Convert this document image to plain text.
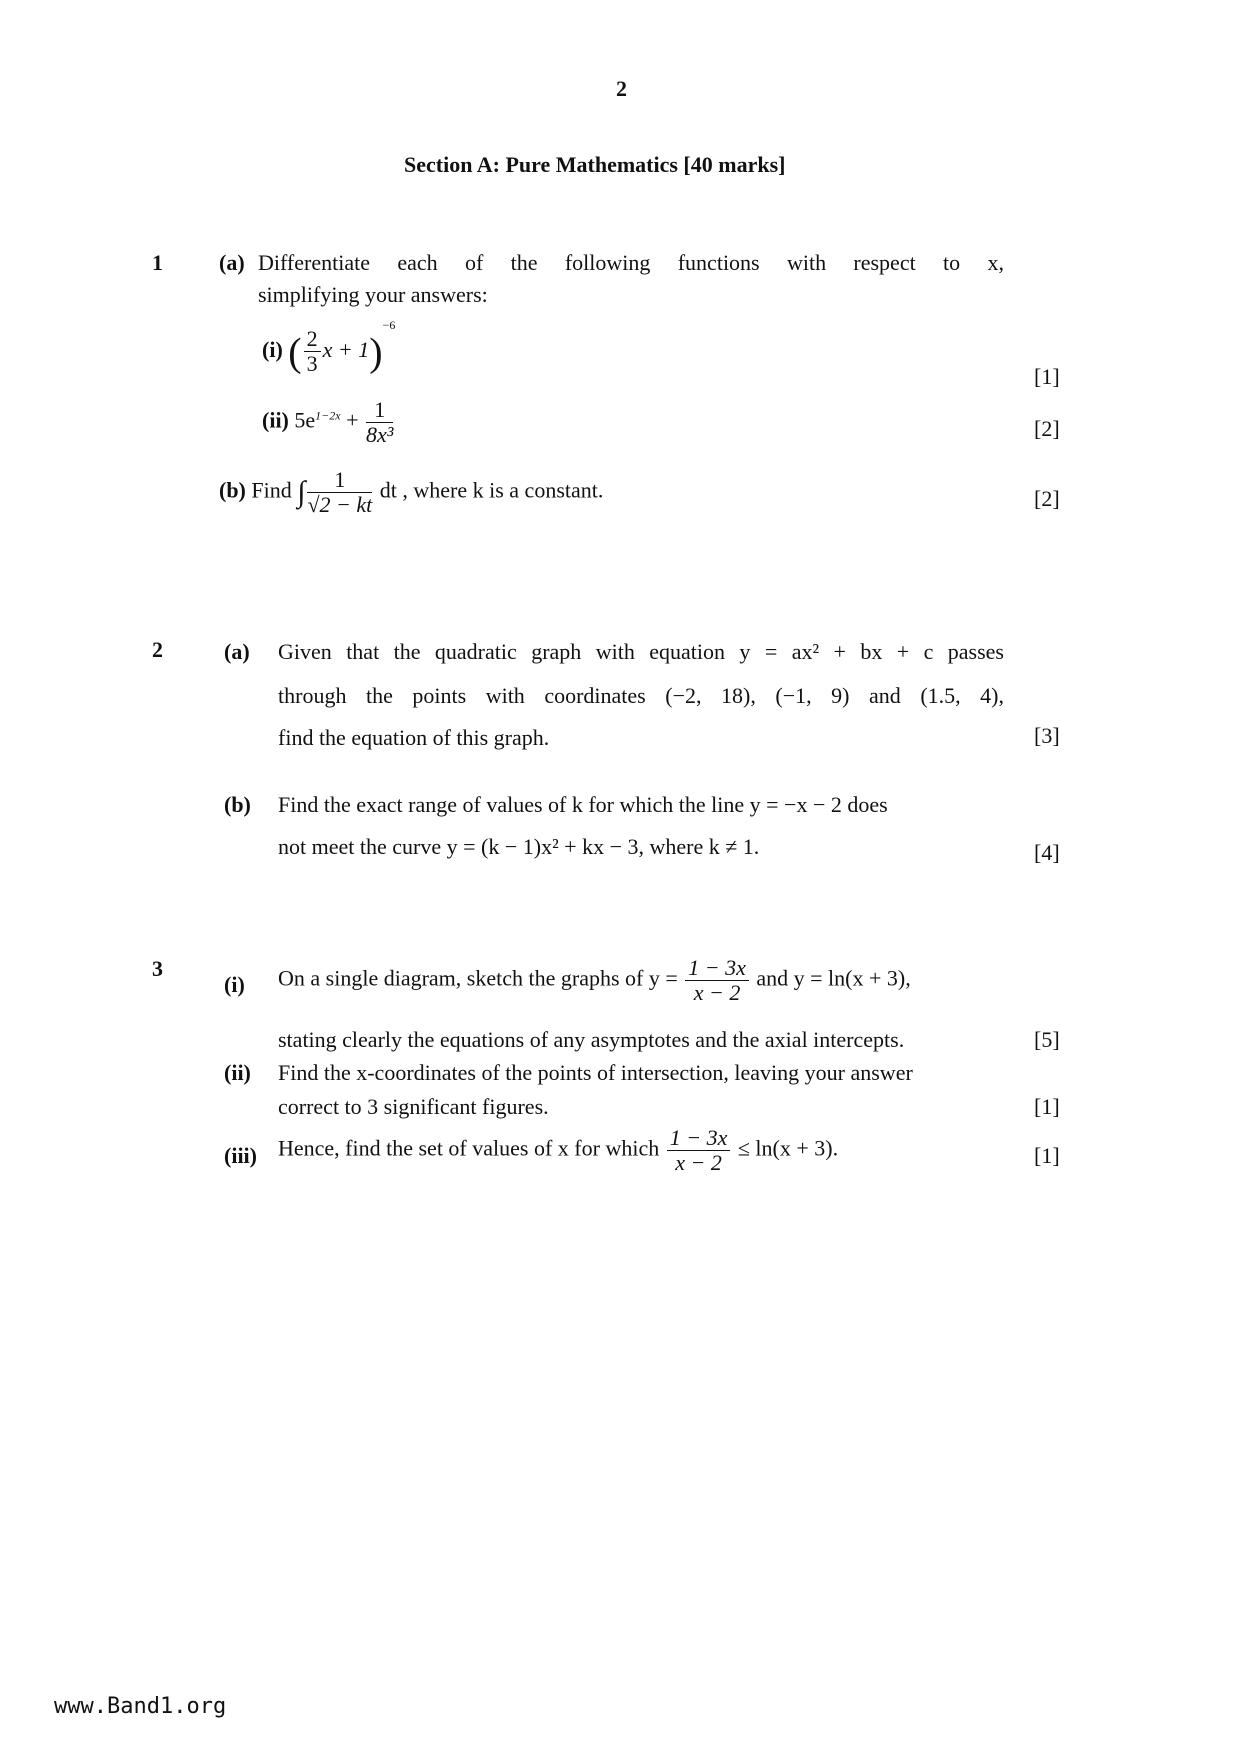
2
Section A: Pure Mathematics [40 marks]
1	(a) Differentiate each of the following functions with respect to x,
simplifying your answers:
(i) ( $\frac{2}{3}$ x + 1)$^{-6}$
[1]
(ii) $5e^{1-2x} + \frac{1}{\text{8x³}}$	[2]
(b) Find ∫ $\frac{1}{√2 - kt}$ dt , where k is a constant.	[2]
2	(a) Given that the quadratic graph with equation y = ax² + bx + c passes
through the points with coordinates (−2, 18), (−1, 9) and (1.5, 4),
find the equation of this graph.	[3]
(b) Find the exact range of values of k for which the line y = −x − 2 does
not meet the curve y = (k − 1)x² + kx − 3, where k ≠ 1.	[4]
3
(i) On a single diagram, sketch the graphs of $y = \frac{1 - 3x}{x - 2}$ and y = ln(x + 3),
stating clearly the equations of any asymptotes and the axial intercepts.	[5]
(ii) Find the x-coordinates of the points of intersection, leaving your answer
correct to 3 significant figures.	[1]
(iii) Hence, find the set of values of x for which $\frac{1 - 3x}{x - 2} \le \ln(x + 3)$.	[1]
www.Band1.org
